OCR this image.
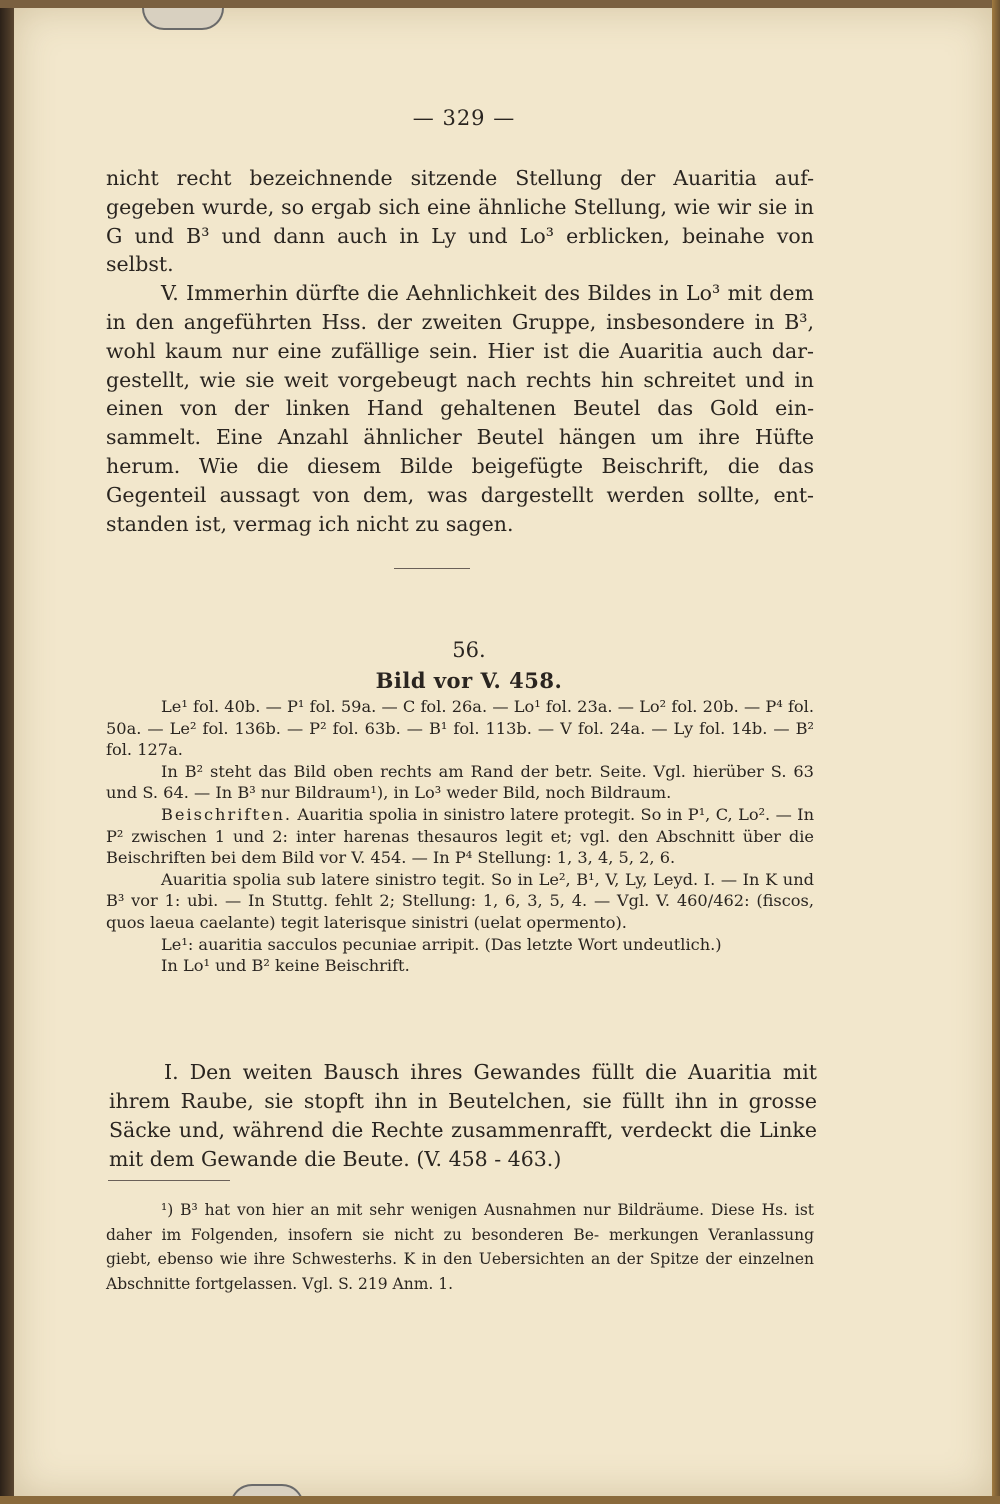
— 329 —

nicht recht bezeichnende sitzende Stellung der Auaritia auf- gegeben wurde, so ergab sich eine ähnliche Stellung, wie wir sie in G und B³ und dann auch in Ly und Lo³ erblicken, beinahe von selbst.

V. Immerhin dürfte die Aehnlichkeit des Bildes in Lo³ mit dem in den angeführten Hss. der zweiten Gruppe, insbesondere in B³, wohl kaum nur eine zufällige sein. Hier ist die Auaritia auch dar- gestellt, wie sie weit vorgebeugt nach rechts hin schreitet und in einen von der linken Hand gehaltenen Beutel das Gold ein- sammelt. Eine Anzahl ähnlicher Beutel hängen um ihre Hüfte herum. Wie die diesem Bilde beigefügte Beischrift, die das Gegenteil aussagt von dem, was dargestellt werden sollte, ent- standen ist, vermag ich nicht zu sagen.

56.
Bild vor V. 458.

Le¹ fol. 40b. — P¹ fol. 59a. — C fol. 26a. — Lo¹ fol. 23a. — Lo² fol. 20b. — P⁴ fol. 50a. — Le² fol. 136b. — P² fol. 63b. — B¹ fol. 113b. — V fol. 24a. — Ly fol. 14b. — B² fol. 127a.

In B² steht das Bild oben rechts am Rand der betr. Seite. Vgl. hierüber S. 63 und S. 64. — In B³ nur Bildraum¹), in Lo³ weder Bild, noch Bildraum.

Beischriften. Auaritia spolia in sinistro latere protegit. So in P¹, C, Lo². — In P² zwischen 1 und 2: inter harenas thesauros legit et; vgl. den Abschnitt über die Beischriften bei dem Bild vor V. 454. — In P⁴ Stellung: 1, 3, 4, 5, 2, 6.

Auaritia spolia sub latere sinistro tegit. So in Le², B¹, V, Ly, Leyd. I. — In K und B³ vor 1: ubi. — In Stuttg. fehlt 2; Stellung: 1, 6, 3, 5, 4. — Vgl. V. 460/462: (fiscos, quos laeua caelante) tegit laterisque sinistri (uelat opermento).

Le¹: auaritia sacculos pecuniae arripit. (Das letzte Wort undeutlich.)

In Lo¹ und B² keine Beischrift.

I. Den weiten Bausch ihres Gewandes füllt die Auaritia mit ihrem Raube, sie stopft ihn in Beutelchen, sie füllt ihn in grosse Säcke und, während die Rechte zusammenrafft, verdeckt die Linke mit dem Gewande die Beute. (V. 458 - 463.)

¹) B³ hat von hier an mit sehr wenigen Ausnahmen nur Bildräume. Diese Hs. ist daher im Folgenden, insofern sie nicht zu besonderen Be- merkungen Veranlassung giebt, ebenso wie ihre Schwesterhs. K in den Uebersichten an der Spitze der einzelnen Abschnitte fortgelassen. Vgl. S. 219 Anm. 1.
